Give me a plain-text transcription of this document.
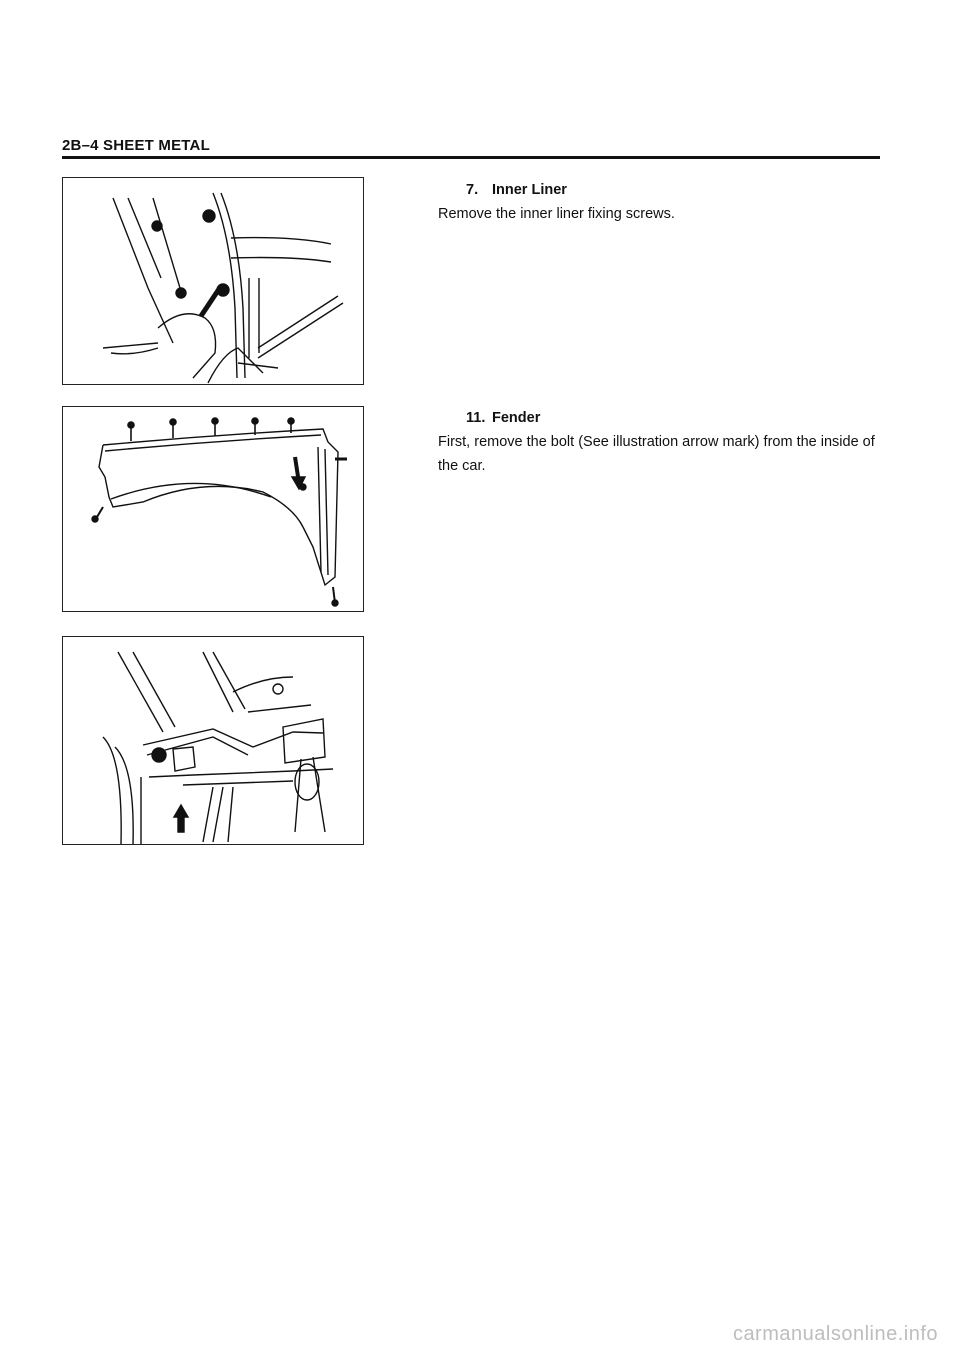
2B–4 SHEET METAL
7. Inner Liner
Remove the inner liner fixing screws.
11. Fender
First, remove the bolt (See illustration arrow mark) from the inside of the car.
carmanualsonline.info
